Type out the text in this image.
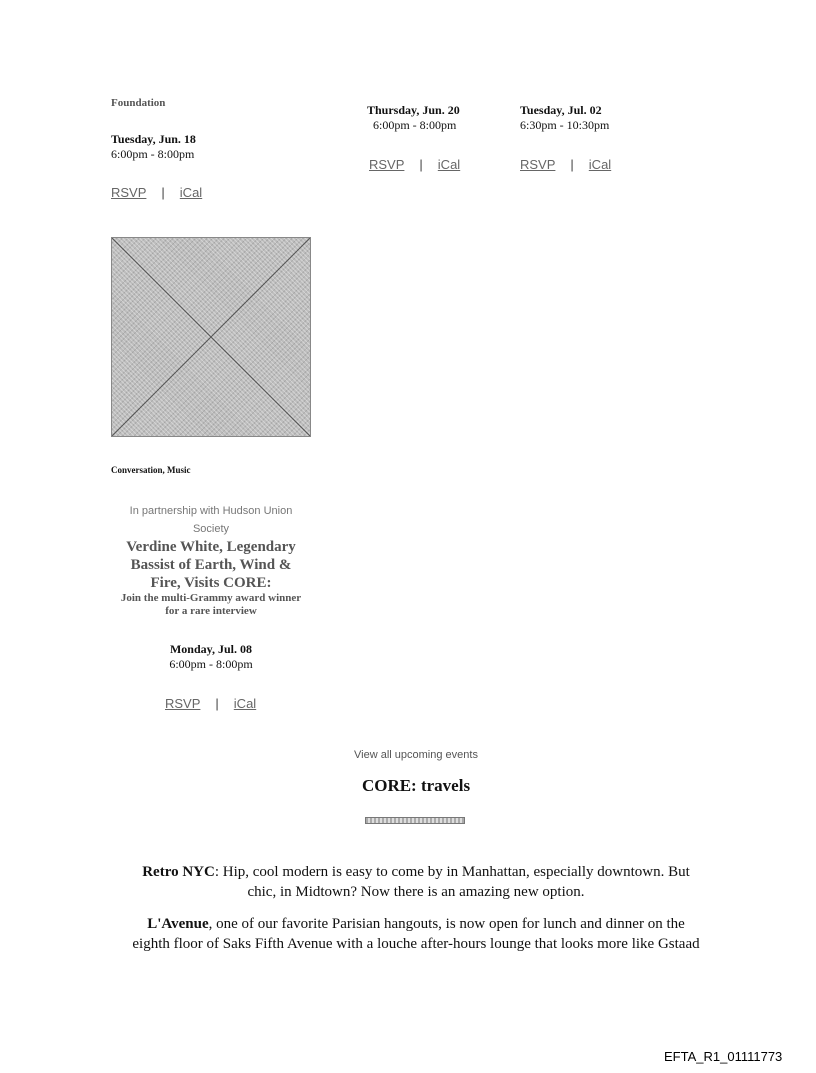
Foundation
Tuesday, Jun. 18
6:00pm - 8:00pm
RSVP | iCal
Thursday, Jun. 20
6:00pm - 8:00pm
RSVP | iCal
Tuesday, Jul. 02
6:30pm - 10:30pm
RSVP | iCal
Conversation, Music
In partnership with Hudson Union
Society
Verdine White, Legendary
Bassist of Earth, Wind &
Fire, Visits CORE:
Join the multi-Grammy award winner
for a rare interview
Monday, Jul. 08
6:00pm - 8:00pm
RSVP | iCal
View all upcoming events
CORE: travels
Retro NYC: Hip, cool modern is easy to come by in Manhattan, especially downtown. But
chic, in Midtown? Now there is an amazing new option.
L'Avenue, one of our favorite Parisian hangouts, is now open for lunch and dinner on the
eighth floor of Saks Fifth Avenue with a louche after-hours lounge that looks more like Gstaad
EFTA_R1_01111773
